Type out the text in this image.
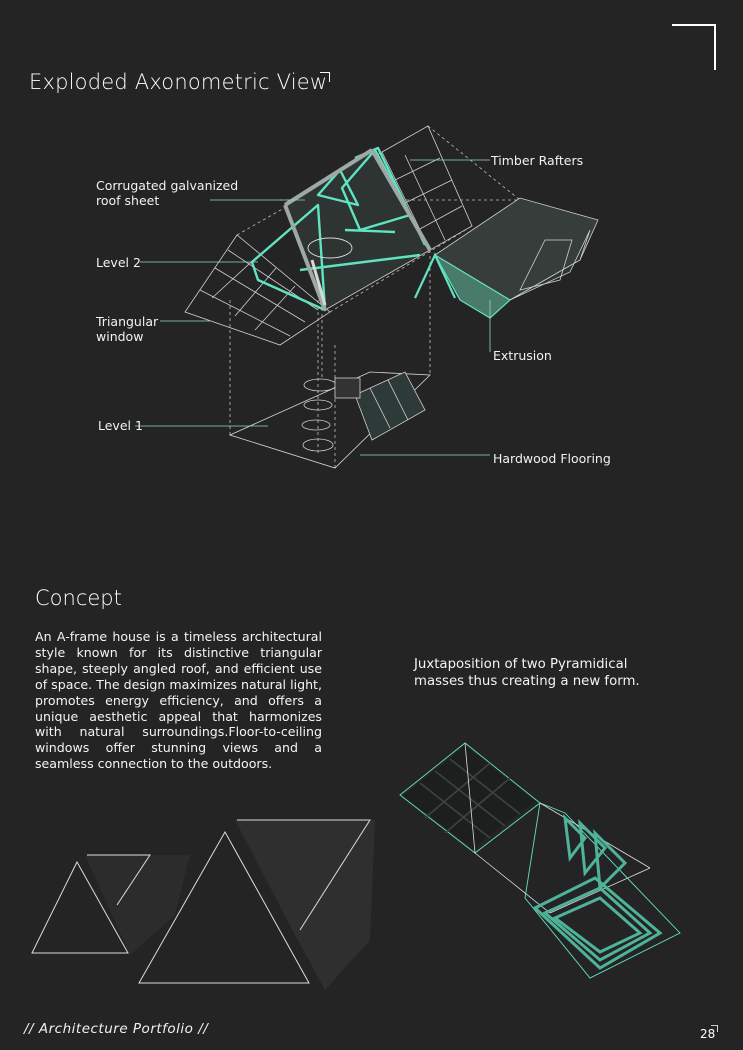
Exploded Axonometric View
Corrugated galvanized
roof sheet
Level 2
Triangular
window
Level 1
Timber Rafters
Extrusion
Hardwood Flooring
Concept
An A-frame house is a timeless architectural style known for its distinctive triangular shape, steeply angled roof, and efficient use of space. The design maximizes natural light, promotes energy efficiency, and offers a unique aesthetic appeal that harmonizes with natural surroundings.Floor-to-ceiling windows offer stunning views and a seamless connection to the outdoors.
Juxtaposition of two Pyramidical
masses thus creating a new form.
// Architecture Portfolio //	28
